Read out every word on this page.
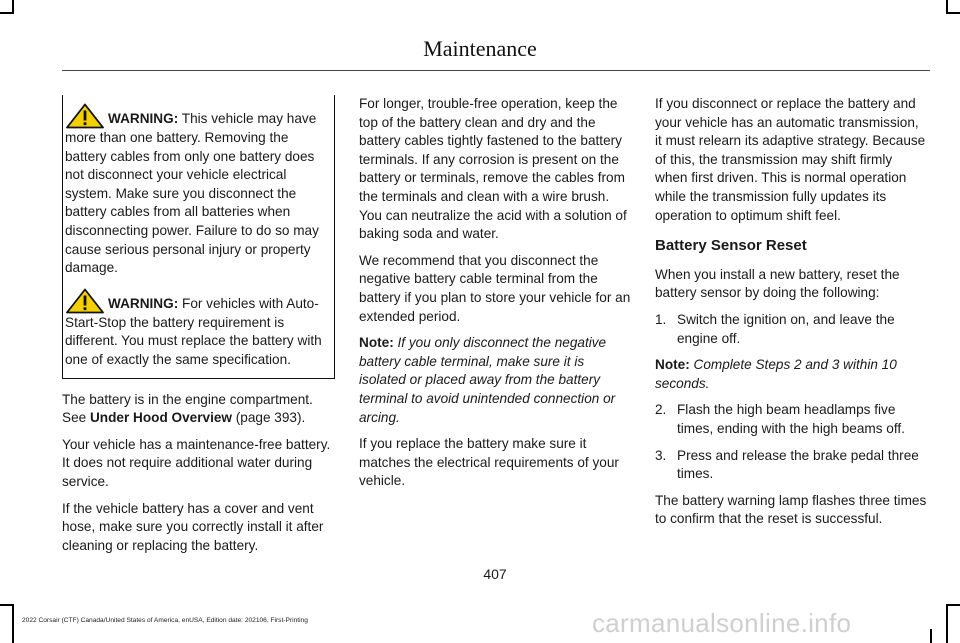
Maintenance
WARNING: This vehicle may have more than one battery. Removing the battery cables from only one battery does not disconnect your vehicle electrical system. Make sure you disconnect the battery cables from all batteries when disconnecting power. Failure to do so may cause serious personal injury or property damage.
WARNING: For vehicles with Auto-Start-Stop the battery requirement is different. You must replace the battery with one of exactly the same specification.

The battery is in the engine compartment. See Under Hood Overview (page 393).

Your vehicle has a maintenance-free battery. It does not require additional water during service.

If the vehicle battery has a cover and vent hose, make sure you correctly install it after cleaning or replacing the battery.

For longer, trouble-free operation, keep the top of the battery clean and dry and the battery cables tightly fastened to the battery terminals. If any corrosion is present on the battery or terminals, remove the cables from the terminals and clean with a wire brush. You can neutralize the acid with a solution of baking soda and water.

We recommend that you disconnect the negative battery cable terminal from the battery if you plan to store your vehicle for an extended period.

Note: If you only disconnect the negative battery cable terminal, make sure it is isolated or placed away from the battery terminal to avoid unintended connection or arcing.

If you replace the battery make sure it matches the electrical requirements of your vehicle.

If you disconnect or replace the battery and your vehicle has an automatic transmission, it must relearn its adaptive strategy. Because of this, the transmission may shift firmly when first driven. This is normal operation while the transmission fully updates its operation to optimum shift feel.

Battery Sensor Reset

When you install a new battery, reset the battery sensor by doing the following:

1. Switch the ignition on, and leave the engine off.

Note: Complete Steps 2 and 3 within 10 seconds.

2. Flash the high beam headlamps five times, ending with the high beams off.
3. Press and release the brake pedal three times.

The battery warning lamp flashes three times to confirm that the reset is successful.

407
2022 Corsair (CTF) Canada/United States of America, enUSA, Edition date: 202106, First-Printing	carmanualsonline.info
